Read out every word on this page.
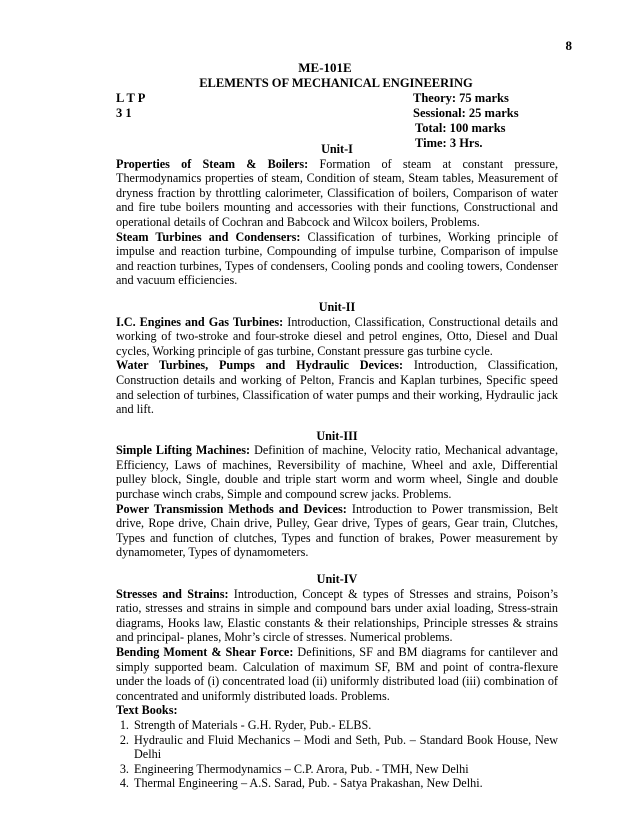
8
ME-101E
ELEMENTS OF MECHANICAL ENGINEERING
L T P
3 1
Theory: 75 marks
Sessional: 25 marks
Total: 100 marks
Time: 3 Hrs.

Unit-I

Properties of Steam & Boilers: Formation of steam at constant pressure, Thermodynamics properties of steam, Condition of steam, Steam tables, Measurement of dryness fraction by throttling calorimeter, Classification of boilers, Comparison of water and fire tube boilers mounting and accessories with their functions, Constructional and operational details of Cochran and Babcock and Wilcox boilers, Problems.

Steam Turbines and Condensers: Classification of turbines, Working principle of impulse and reaction turbine, Compounding of impulse turbine, Comparison of impulse and reaction turbines, Types of condensers, Cooling ponds and cooling towers, Condenser and vacuum efficiencies.

Unit-II

I.C. Engines and Gas Turbines: Introduction, Classification, Constructional details and working of two-stroke and four-stroke diesel and petrol engines, Otto, Diesel and Dual cycles, Working principle of gas turbine, Constant pressure gas turbine cycle.

Water Turbines, Pumps and Hydraulic Devices: Introduction, Classification, Construction details and working of Pelton, Francis and Kaplan turbines, Specific speed and selection of turbines, Classification of water pumps and their working, Hydraulic jack and lift.

Unit-III

Simple Lifting Machines: Definition of machine, Velocity ratio, Mechanical advantage, Efficiency, Laws of machines, Reversibility of machine, Wheel and axle, Differential pulley block, Single, double and triple start worm and worm wheel, Single and double purchase winch crabs, Simple and compound screw jacks. Problems.

Power Transmission Methods and Devices: Introduction to Power transmission, Belt drive, Rope drive, Chain drive, Pulley, Gear drive, Types of gears, Gear train, Clutches, Types and function of clutches, Types and function of brakes, Power measurement by dynamometer, Types of dynamometers.

Unit-IV

Stresses and Strains: Introduction, Concept & types of Stresses and strains, Poison’s ratio, stresses and strains in simple and compound bars under axial loading, Stress-strain diagrams, Hooks law, Elastic constants & their relationships, Principle stresses & strains and principal- planes, Mohr’s circle of stresses. Numerical problems.

Bending Moment & Shear Force: Definitions, SF and BM diagrams for cantilever and simply supported beam. Calculation of maximum SF, BM and point of contra-flexure under the loads of (i) concentrated load (ii) uniformly distributed load (iii) combination of concentrated and uniformly distributed loads. Problems.

Text Books:

1. Strength of Materials - G.H. Ryder, Pub.- ELBS.
2. Hydraulic and Fluid Mechanics – Modi and Seth, Pub. – Standard Book House, New Delhi
3. Engineering Thermodynamics – C.P. Arora, Pub. - TMH, New Delhi
4. Thermal Engineering – A.S. Sarad, Pub. - Satya Prakashan, New Delhi.
